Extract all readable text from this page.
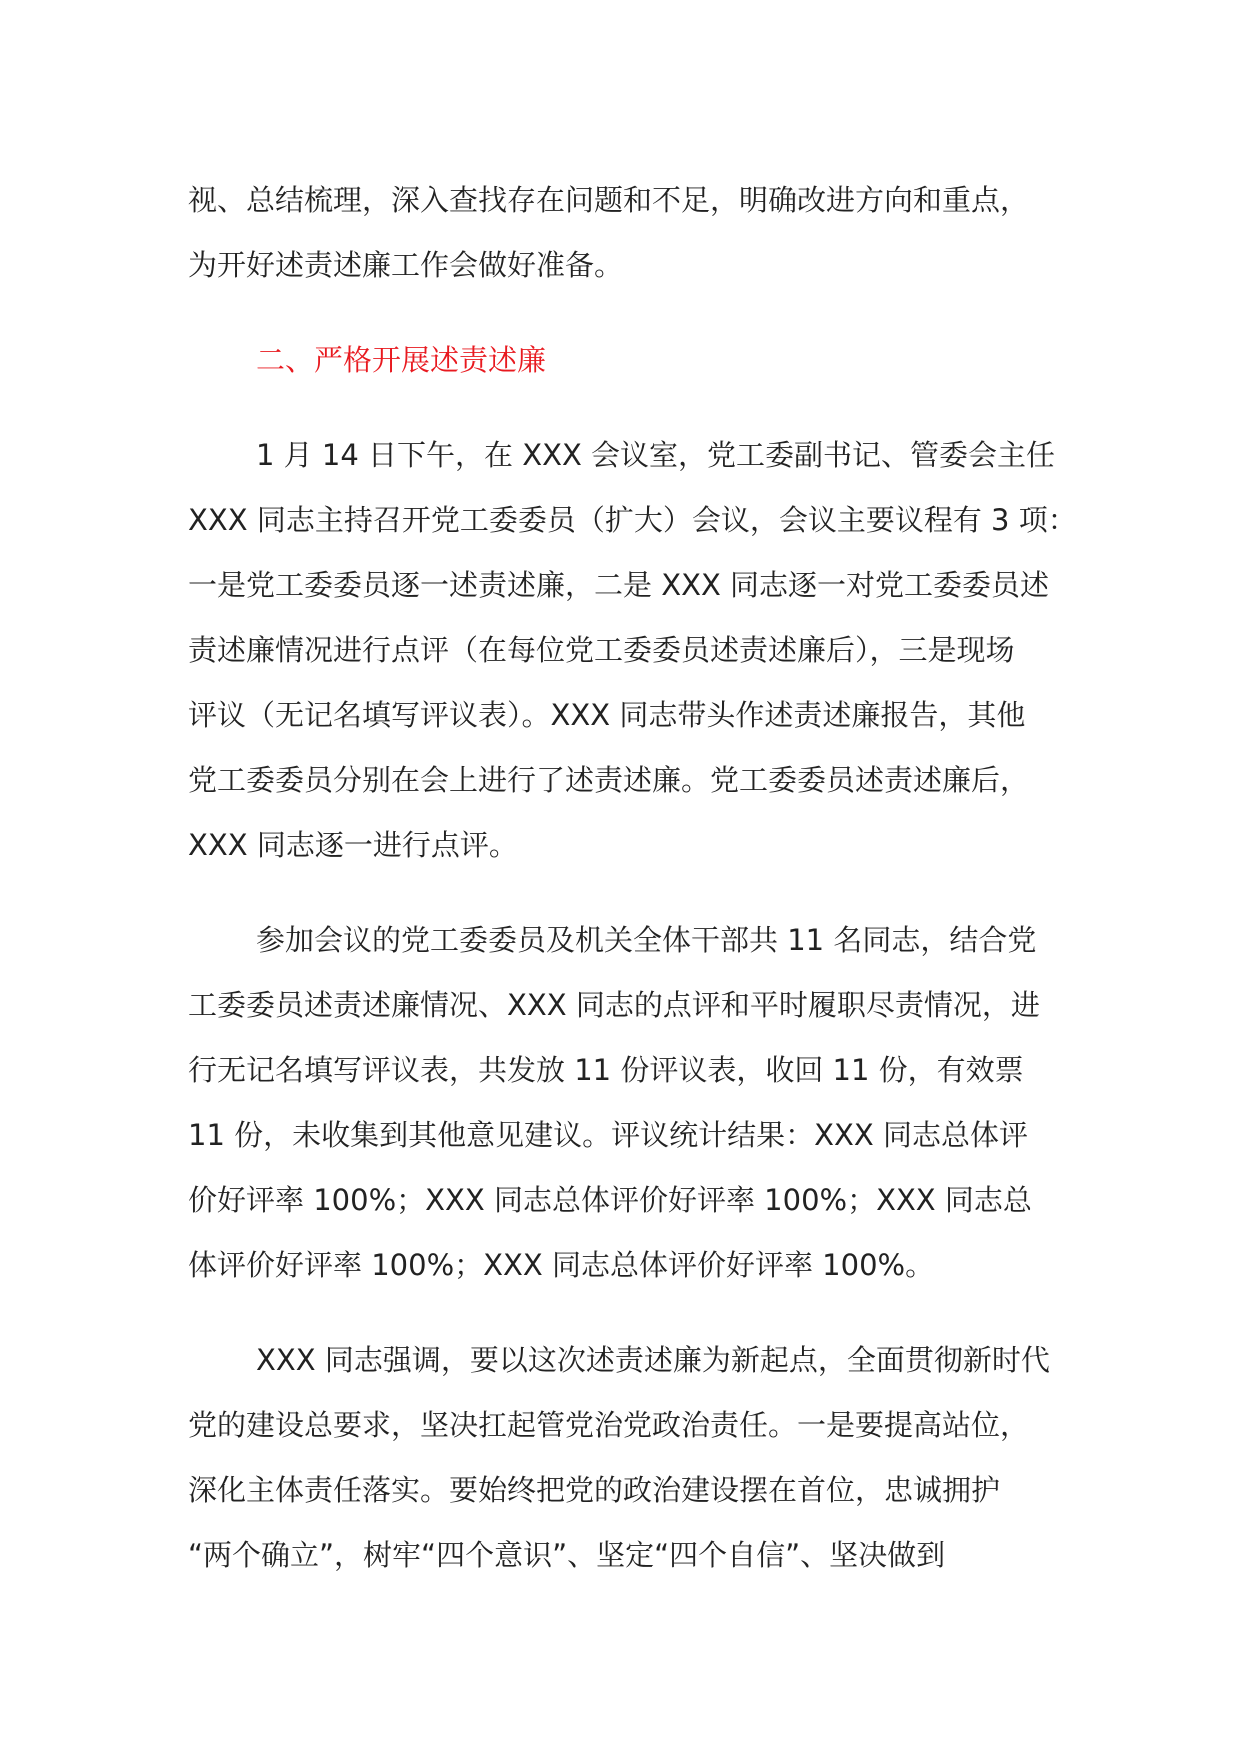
视、总结梳理，深入查找存在问题和不足，明确改进方向和重点，
为开好述责述廉工作会做好准备。
二、严格开展述责述廉
1 月 14 日下午，在 XXX 会议室，党工委副书记、管委会主任
XXX 同志主持召开党工委委员（扩大）会议，会议主要议程有 3 项：
一是党工委委员逐一述责述廉，二是 XXX 同志逐一对党工委委员述
责述廉情况进行点评（在每位党工委委员述责述廉后），三是现场
评议（无记名填写评议表）。XXX 同志带头作述责述廉报告，其他
党工委委员分别在会上进行了述责述廉。党工委委员述责述廉后，
XXX 同志逐一进行点评。
参加会议的党工委委员及机关全体干部共 11 名同志，结合党
工委委员述责述廉情况、XXX 同志的点评和平时履职尽责情况，进
行无记名填写评议表，共发放 11 份评议表，收回 11 份，有效票
11 份，未收集到其他意见建议。评议统计结果：XXX 同志总体评
价好评率 100%；XXX 同志总体评价好评率 100%；XXX 同志总
体评价好评率 100%；XXX 同志总体评价好评率 100%。
XXX 同志强调，要以这次述责述廉为新起点，全面贯彻新时代
党的建设总要求，坚决扛起管党治党政治责任。一是要提高站位，
深化主体责任落实。要始终把党的政治建设摆在首位，忠诚拥护
“两个确立”，树牢“四个意识”、坚定“四个自信”、坚决做到
